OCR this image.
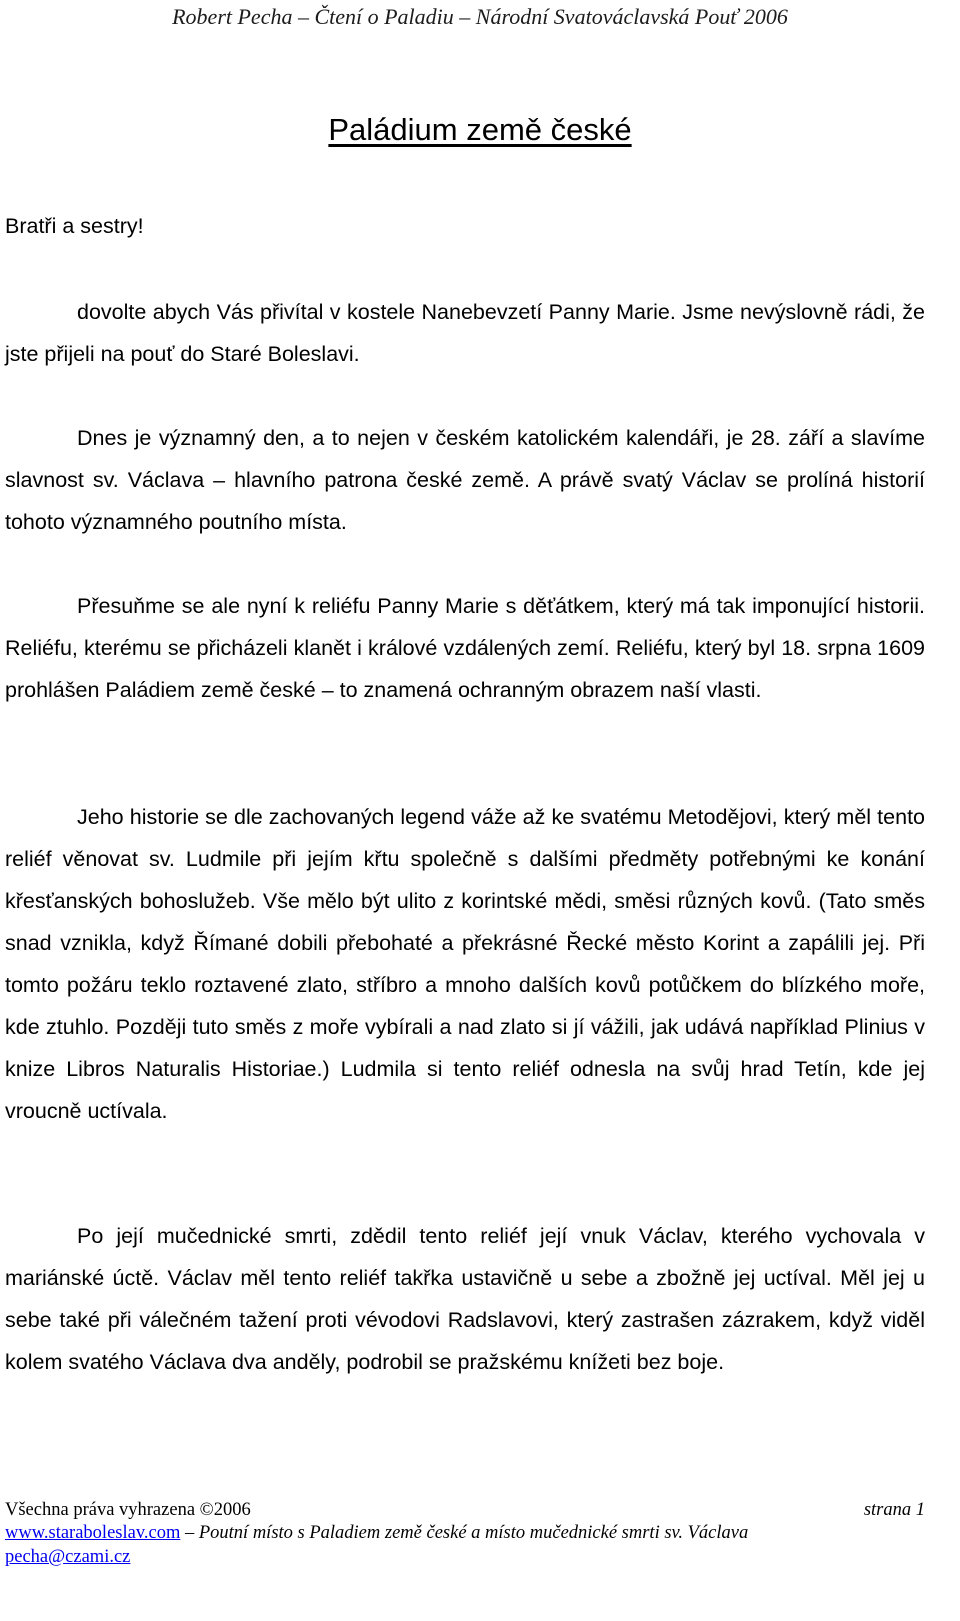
Robert Pecha – Čtení o Paladiu – Národní Svatováclavská Pouť 2006
Paládium země české
Bratři a sestry!

dovolte abych Vás přivítal v kostele Nanebevzetí Panny Marie. Jsme nevýslovně rádi, že jste přijeli na pouť do Staré Boleslavi.

Dnes je významný den, a to nejen v českém katolickém kalendáři, je 28. září a slavíme slavnost sv. Václava – hlavního patrona české země. A právě svatý Václav se prolíná historií tohoto významného poutního místa.

Přesuňme se ale nyní k reliéfu Panny Marie s děťátkem, který má tak imponující historii. Reliéfu, kterému se přicházeli klanět i králové vzdálených zemí. Reliéfu, který byl 18. srpna 1609 prohlášen Paládiem země české – to znamená ochranným obrazem naší vlasti.

Jeho historie se dle zachovaných legend váže až ke svatému Metodějovi, který měl tento reliéf věnovat sv. Ludmile při jejím křtu společně s dalšími předměty potřebnými ke konání křesťanských bohoslužeb. Vše mělo být ulito z korintské mědi, směsi různých kovů. (Tato směs snad vznikla, když Římané dobili přebohaté a překrásné Řecké město Korint a zapálili jej. Při tomto požáru teklo roztavené zlato, stříbro a mnoho dalších kovů potůčkem do blízkého moře, kde ztuhlo. Později tuto směs z moře vybírali a nad zlato si jí vážili, jak udává například Plinius v knize Libros Naturalis Historiae.) Ludmila si tento reliéf odnesla na svůj hrad Tetín, kde jej vroucně uctívala.

Po její mučednické smrti, zdědil tento reliéf její vnuk Václav, kterého vychovala v mariánské úctě. Václav měl tento reliéf takřka ustavičně u sebe a zbožně jej uctíval. Měl jej u sebe také při válečném tažení proti vévodovi Radslavovi, který zastrašen zázrakem, když viděl kolem svatého Václava dva anděly, podrobil se pražskému knížeti bez boje.

Všechna práva vyhrazena ©2006	strana 1
www.staraboleslav.com – Poutní místo s Paladiem země české a místo mučednické smrti sv. Václava
pecha@czami.cz
